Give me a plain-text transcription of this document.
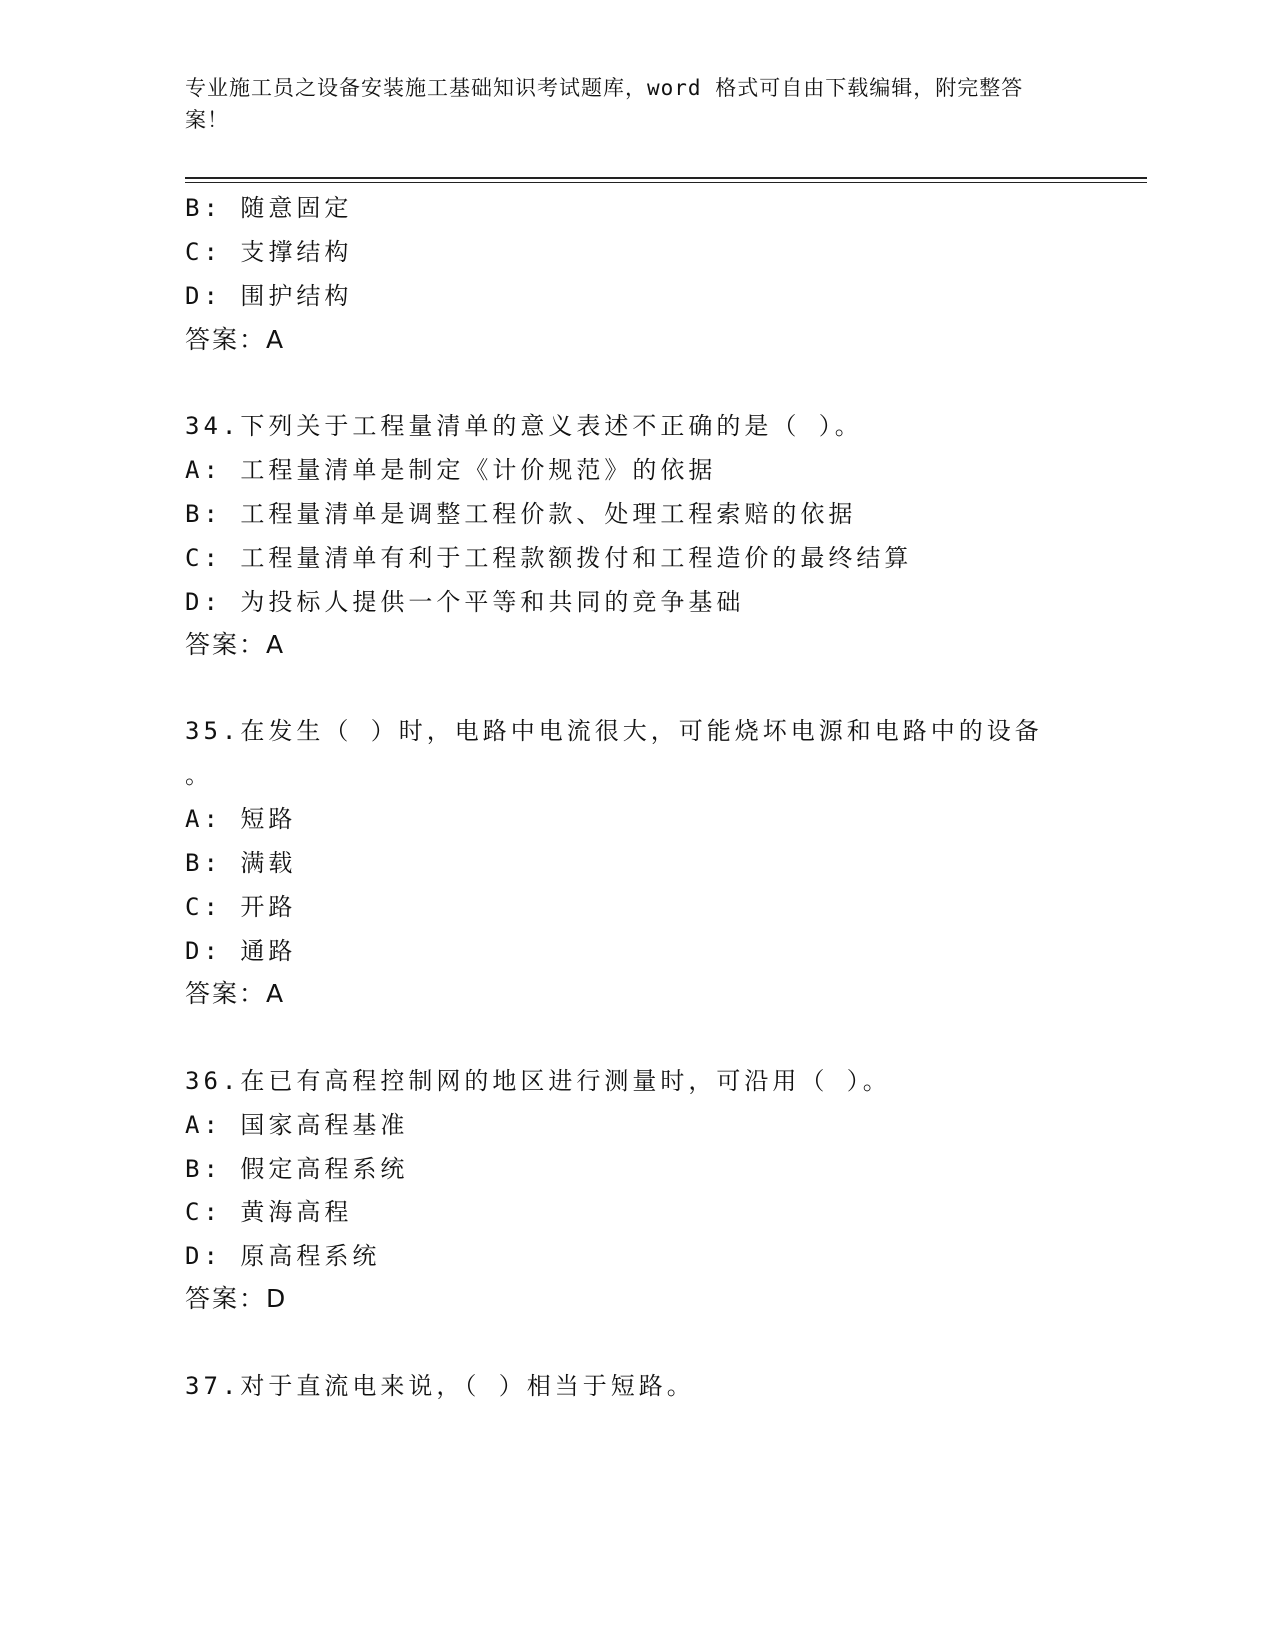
专业施工员之设备安装施工基础知识考试题库，word 格式可自由下载编辑，附完整答案！
B: 随意固定
C: 支撑结构
D: 围护结构
答案：A
34.下列关于工程量清单的意义表述不正确的是（ ）。
A: 工程量清单是制定《计价规范》的依据
B: 工程量清单是调整工程价款、处理工程索赔的依据
C: 工程量清单有利于工程款额拨付和工程造价的最终结算
D: 为投标人提供一个平等和共同的竞争基础
答案：A
35.在发生（ ）时，电路中电流很大，可能烧坏电源和电路中的设备
。
A: 短路
B: 满载
C: 开路
D: 通路
答案：A
36.在已有高程控制网的地区进行测量时，可沿用（ ）。
A: 国家高程基准
B: 假定高程系统
C: 黄海高程
D: 原高程系统
答案：D
37.对于直流电来说，（ ）相当于短路。
